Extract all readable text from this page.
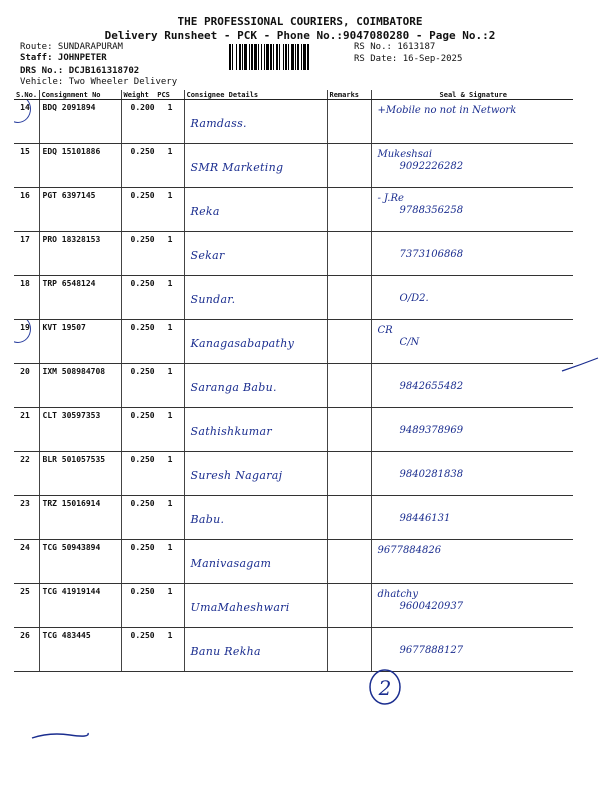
THE PROFESSIONAL COURIERS, COIMBATORE
Delivery Runsheet - PCK - Phone No.:9047080280 - Page No.:2
Route: SUNDARAPURAM
Staff: JOHNPETER
DRS No.: DCJB161318702
Vehicle: Two Wheeler Delivery
RS No.: 1613187
RS Date: 16-Sep-2025
S.No.	Consignment No	Weight PCS	Consignee Details	Remarks	Seal & Signature

14	BDQ 2091894	0.200 1	Ramdass.		+Mobile no not in Network

15	EDQ 15101886	0.250 1	SMR Marketing		Mukeshsai
9092226282

16	PGT 6397145	0.250 1	Reka		- J.Re
9788356258

17	PRO 18328153	0.250 1	Sekar		7373106868

18	TRP 6548124	0.250 1	Sundar.		O/D2.

19	KVT 19507	0.250 1	Kanagasabapathy		CR
C/N

20	IXM 508984708	0.250 1	Saranga Babu.		9842655482

21	CLT 30597353	0.250 1	Sathishkumar		9489378969

22	BLR 501057535	0.250 1	Suresh Nagaraj		9840281838

23	TRZ 15016914	0.250 1	Babu.		98446131

24	TCG 50943894	0.250 1	Manivasagam		9677884826

25	TCG 41919144	0.250 1	UmaMaheshwari		dhatchy
9600420937

26	TCG 483445	0.250 1	Banu Rekha		9677888127
2
